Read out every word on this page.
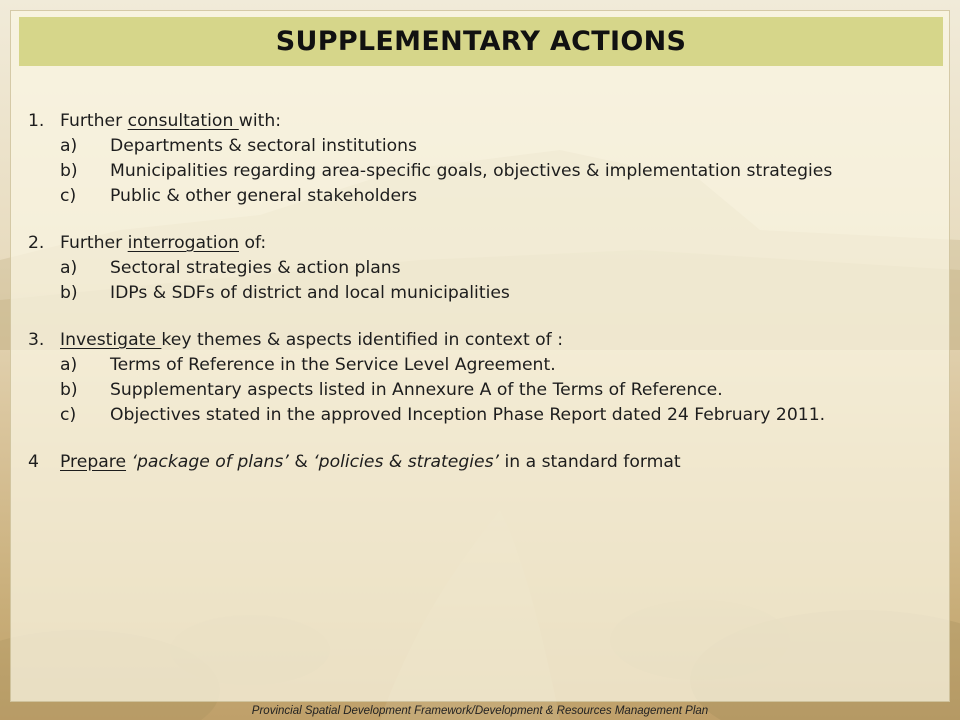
SUPPLEMENTARY ACTIONS
1. Further consultation with:
a)	Departments & sectoral institutions
b)	Municipalities regarding area-specific goals, objectives & implementation strategies
c)	Public & other general stakeholders
2. Further interrogation of:
a)	Sectoral strategies & action plans
b)	IDPs & SDFs of district and local municipalities
3. Investigate key themes & aspects identified in context of :
a)	Terms of Reference in the Service Level Agreement.
b)	Supplementary aspects listed in Annexure A of the Terms of Reference.
c)	Objectives stated in the approved Inception Phase Report dated 24 February 2011.
4	Prepare ‘package of plans’ & ‘policies & strategies’ in a standard format
Provincial Spatial Development Framework/Development & Resources Management Plan
